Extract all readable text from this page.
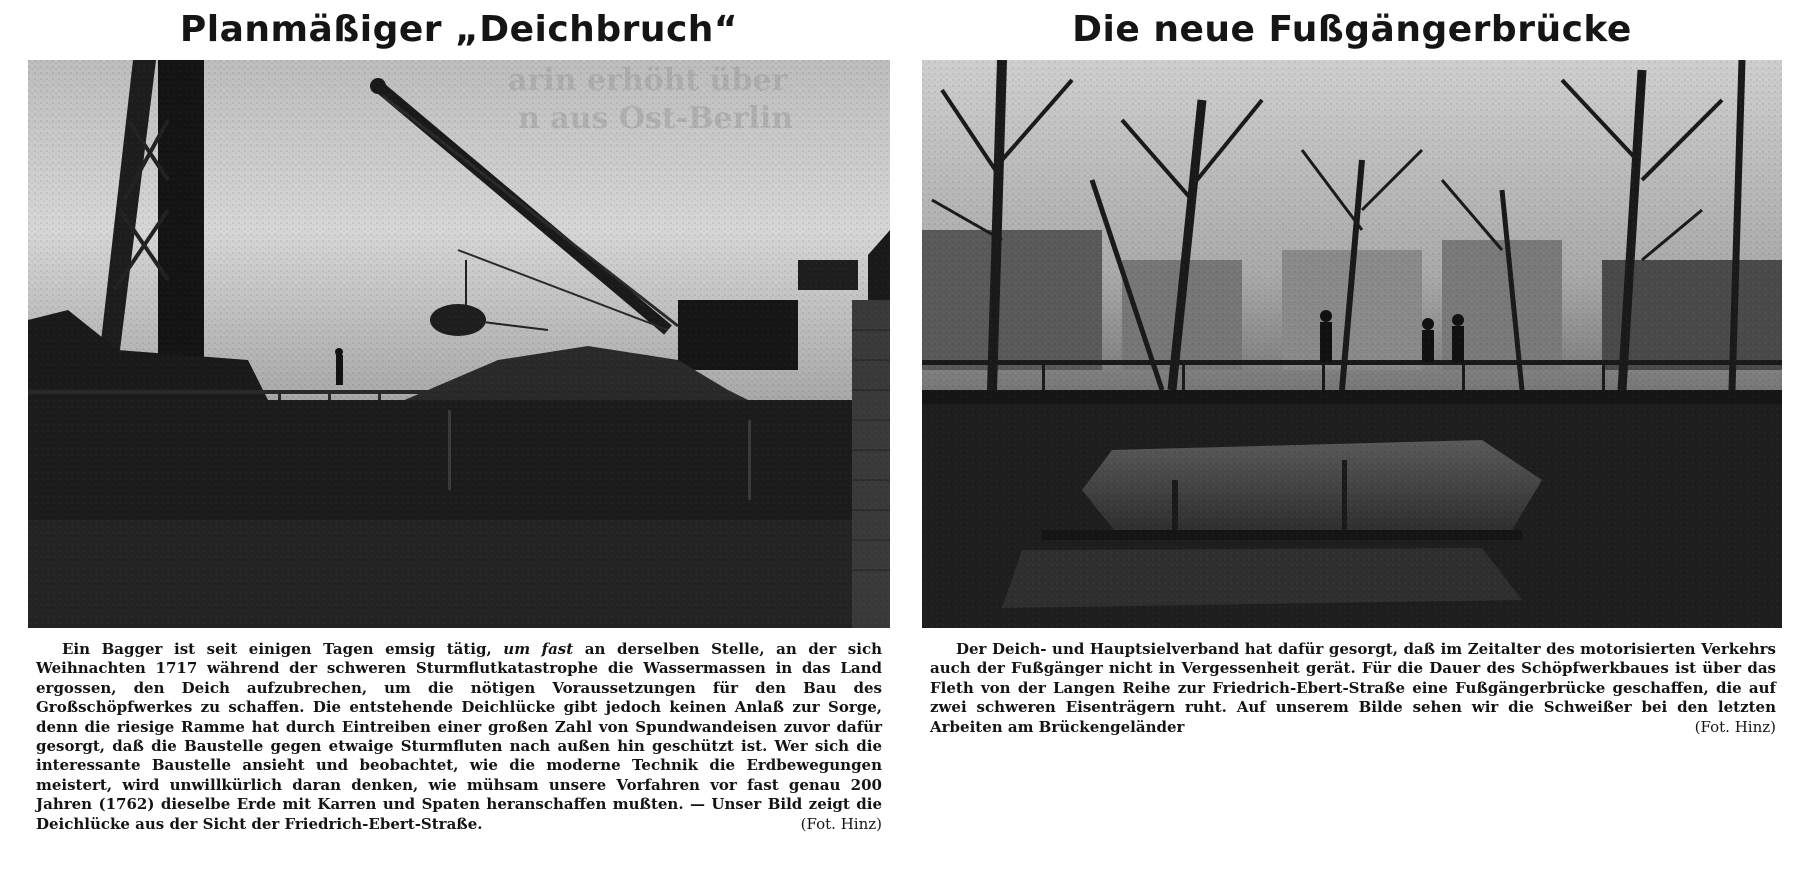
Planmäßiger „Deichbruch“

Ein Bagger ist seit einigen Tagen emsig tätig, um fast an derselben Stelle, an der sich Weihnachten 1717 während der schweren Sturmflutkatastrophe die Wassermassen in das Land ergossen, den Deich aufzubrechen, um die nötigen Voraussetzungen für den Bau des Großschöpfwerkes zu schaffen. Die entstehende Deichlücke gibt jedoch keinen Anlaß zur Sorge, denn die riesige Ramme hat durch Eintreiben einer großen Zahl von Spundwandeisen zuvor dafür gesorgt, daß die Baustelle gegen etwaige Sturmfluten nach außen hin geschützt ist. Wer sich die interessante Baustelle ansieht und beobachtet, wie die moderne Technik die Erdbewegungen meistert, wird unwillkürlich daran denken, wie mühsam unsere Vorfahren vor fast genau 200 Jahren (1762) dieselbe Erde mit Karren und Spaten heranschaffen mußten. — Unser Bild zeigt die Deichlücke aus der Sicht der Friedrich-Ebert-Straße.	(Fot. Hinz)

Die neue Fußgängerbrücke

Der Deich- und Hauptsielverband hat dafür gesorgt, daß im Zeitalter des motorisierten Verkehrs auch der Fußgänger nicht in Vergessenheit gerät. Für die Dauer des Schöpfwerkbaues ist über das Fleth von der Langen Reihe zur Friedrich-Ebert-Straße eine Fußgängerbrücke geschaffen, die auf zwei schweren Eisenträgern ruht. Auf unserem Bilde sehen wir die Schweißer bei den letzten Arbeiten am Brückengeländer	(Fot. Hinz)
